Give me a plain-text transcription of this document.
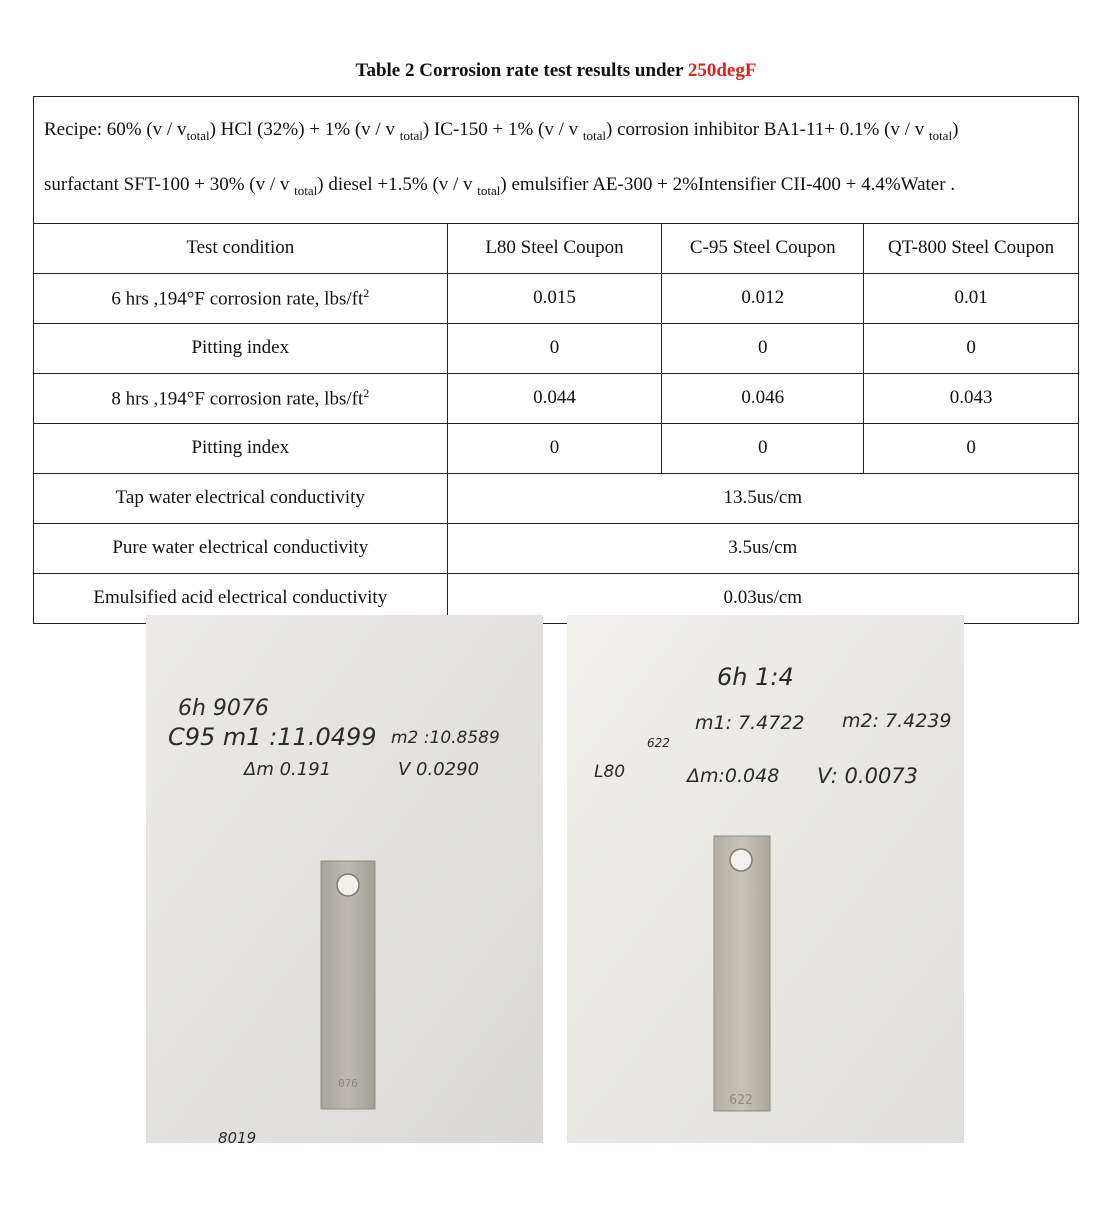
Table 2 Corrosion rate test results under 250degF
Recipe: 60% $(v / v_{total})$ HCl (32%) + 1% (v / v $_{total}$) IC-150 + 1% (v / v $_{total}$) corrosion inhibitor BA1-11+ 0.1% (v / v $_{total}$)
surfactant SFT-100 + 30% (v / v $_{total}$) diesel +1.5% (v / v $_{total}$) emulsifier AE-300 + 2%Intensifier CII-400 + 4.4%Water .			
Test condition	L80 Steel Coupon	C-95 Steel Coupon	QT-800 Steel Coupon
6 hrs ,194°F corrosion rate, lbs/$ft^2$	0.015	0.012	0.01
Pitting index	0	0	0
8 hrs ,194°F corrosion rate, lbs/$ft^2$	0.044	0.046	0.043
Pitting index	0	0	0
Tap water electrical conductivity	13.5us/cm		
Pure water electrical conductivity	3.5us/cm		
Emulsified acid electrical conductivity	0.03us/cm		
6h 9076
C95 m1 :11.0499 m2 :10.8589
Δm 0.191	V 0.0290
076
8019
6h 1:4
622
m1: 7.4722 m2: 7.4239
L80	Δm:0.048 V: 0.0073
622
